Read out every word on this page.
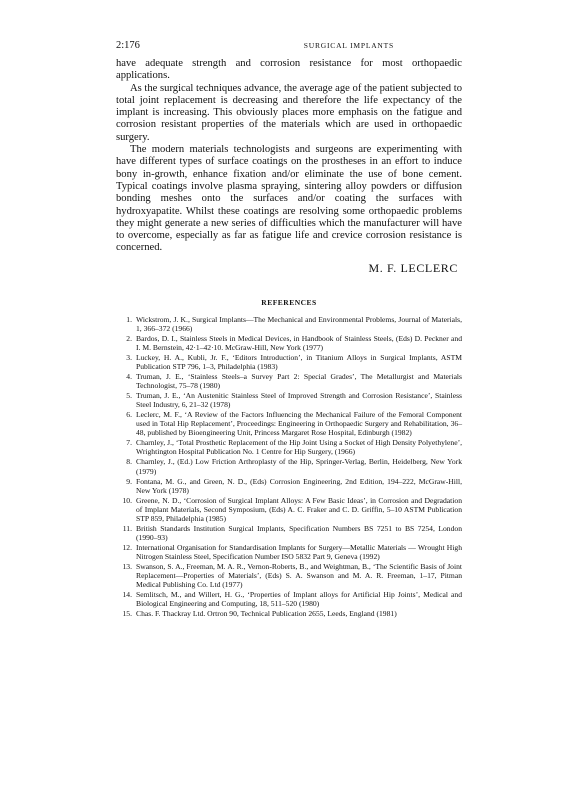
2:176	SURGICAL IMPLANTS

have adequate strength and corrosion resistance for most orthopaedic applications.

As the surgical techniques advance, the average age of the patient subjected to total joint replacement is decreasing and therefore the life expectancy of the implant is increasing. This obviously places more emphasis on the fatigue and corrosion resistant properties of the materials which are used in orthopaedic surgery.

The modern materials technologists and surgeons are experimenting with have different types of surface coatings on the prostheses in an effort to induce bony in-growth, enhance fixation and/or eliminate the use of bone cement. Typical coatings involve plasma spraying, sintering alloy powders or diffusion bonding meshes onto the surfaces and/or coating the surfaces with hydroxyapatite. Whilst these coatings are resolving some orthopaedic problems they might generate a new series of difficulties which the manufacturer will have to overcome, especially as far as fatigue life and crevice corrosion resistance is concerned.

M. F. LECLERC
REFERENCES
1. Wickstrom, J. K., Surgical Implants—The Mechanical and Environmental Problems, Journal of Materials, 1, 366–372 (1966)
2. Bardos, D. I., Stainless Steels in Medical Devices, in Handbook of Stainless Steels, (Eds) D. Peckner and I. M. Bernstein, 42·1–42·10. McGraw-Hill, New York (1977)
3. Luckey, H. A., Kubli, Jr. F., ‘Editors Introduction’, in Titanium Alloys in Surgical Implants, ASTM Publication STP 796, 1–3, Philadelphia (1983)
4. Truman, J. E., ‘Stainless Steels–a Survey Part 2: Special Grades’, The Metallurgist and Materials Technologist, 75–78 (1980)
5. Truman, J. E., ‘An Austenitic Stainless Steel of Improved Strength and Corrosion Resistance’, Stainless Steel Industry, 6, 21–32 (1978)
6. Leclerc, M. F., ‘A Review of the Factors Influencing the Mechanical Failure of the Femoral Component used in Total Hip Replacement’, Proceedings: Engineering in Orthopaedic Surgery and Rehabilitation, 36–48, published by Bioengineering Unit, Princess Margaret Rose Hospital, Edinburgh (1982)
7. Charnley, J., ‘Total Prosthetic Replacement of the Hip Joint Using a Socket of High Density Polyethylene’, Wrightington Hospital Publication No. 1 Centre for Hip Surgery, (1966)
8. Charnley, J., (Ed.) Low Friction Arthroplasty of the Hip, Springer-Verlag, Berlin, Heidelberg, New York (1979)
9. Fontana, M. G., and Green, N. D., (Eds) Corrosion Engineering, 2nd Edition, 194–222, McGraw-Hill, New York (1978)
10. Greene, N. D., ‘Corrosion of Surgical Implant Alloys: A Few Basic Ideas’, in Corrosion and Degradation of Implant Materials, Second Symposium, (Eds) A. C. Fraker and C. D. Griffin, 5–10 ASTM Publication STP 859, Philadelphia (1985)
11. British Standards Institution Surgical Implants, Specification Numbers BS 7251 to BS 7254, London (1990–93)
12. International Organisation for Standardisation Implants for Surgery—Metallic Materials — Wrought High Nitrogen Stainless Steel, Specification Number ISO 5832 Part 9, Geneva (1992)
13. Swanson, S. A., Freeman, M. A. R., Vernon-Roberts, B., and Weightman, B., ‘The Scientific Basis of Joint Replacement—Properties of Materials’, (Eds) S. A. Swanson and M. A. R. Freeman, 1–17, Pitman Medical Publishing Co. Ltd (1977)
14. Semlitsch, M., and Willert, H. G., ‘Properties of Implant alloys for Artificial Hip Joints’, Medical and Biological Engineering and Computing, 18, 511–520 (1980)
15. Chas. F. Thackray Ltd. Ortron 90, Technical Publication 2655, Leeds, England (1981)
